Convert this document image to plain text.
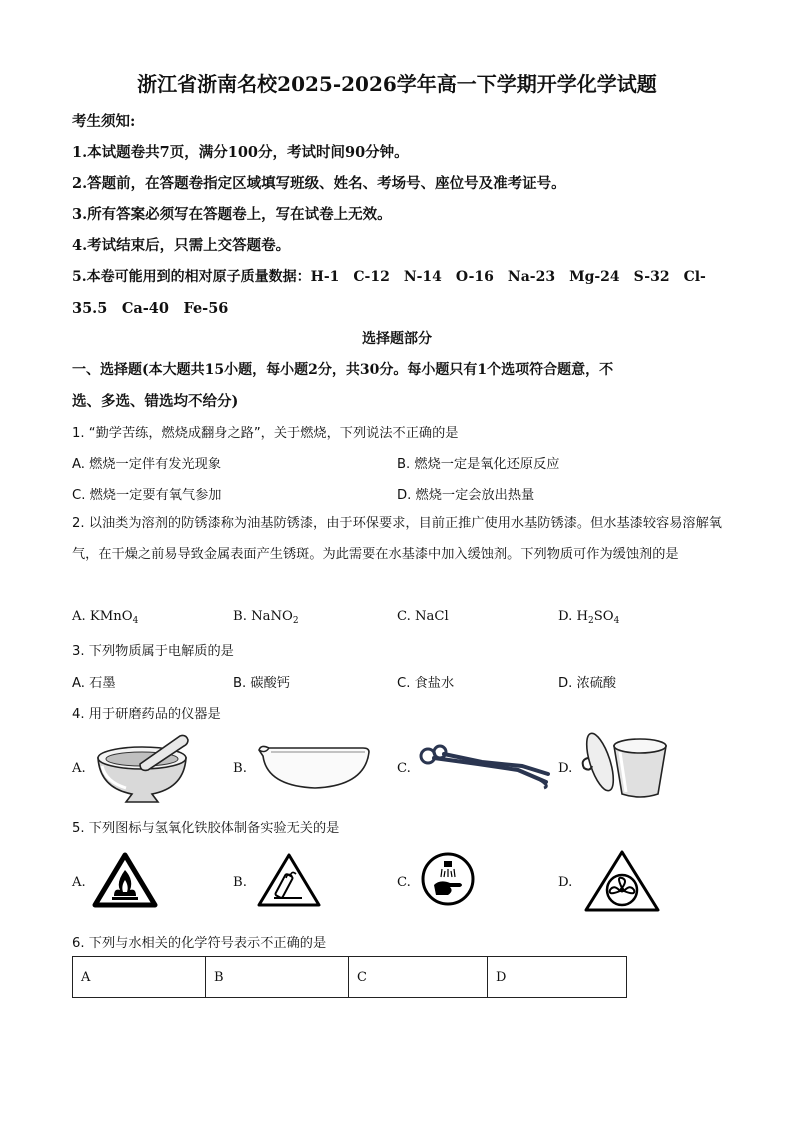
浙江省浙南名校2025-2026学年高一下学期开学化学试题
考生须知:
1.本试题卷共7页，满分100分，考试时间90分钟。
2.答题前，在答题卷指定区域填写班级、姓名、考场号、座位号及准考证号。
3.所有答案必须写在答题卷上，写在试卷上无效。
4.考试结束后，只需上交答题卷。
5.本卷可能用到的相对原子质量数据：H-1　C-12　N-14　O-16　Na-23　Mg-24　S-32　Cl-
35.5　Ca-40　Fe-56
选择题部分
一、选择题(本大题共15小题，每小题2分，共30分。每小题只有1个选项符合题意，不
选、多选、错选均不给分)
1. “勤学苦练，燃烧成翻身之路”，关于燃烧，下列说法不正确的是
A. 燃烧一定伴有发光现象	B. 燃烧一定是氧化还原反应
C. 燃烧一定要有氧气参加	D. 燃烧一定会放出热量
2. 以油类为溶剂的防锈漆称为油基防锈漆，由于环保要求，目前正推广使用水基防锈漆。但水基漆较容易溶解氧气，在干燥之前易导致金属表面产生锈斑。为此需要在水基漆中加入缓蚀剂。下列物质可作为缓蚀剂的是
A. KMnO$_4$	B. NaNO$_2$	C. NaCl	D. $H_2SO_4$
3. 下列物质属于电解质的是
A. 石墨	B. 碳酸钙	C. 食盐水	D. 浓硫酸
4. 用于研磨药品的仪器是
A.	B.	C.	D.
5. 下列图标与氢氧化铁胶体制备实验无关的是
A.	B.	C.	D.
6. 下列与水相关的化学符号表示不正确的是
A	B	C	D
